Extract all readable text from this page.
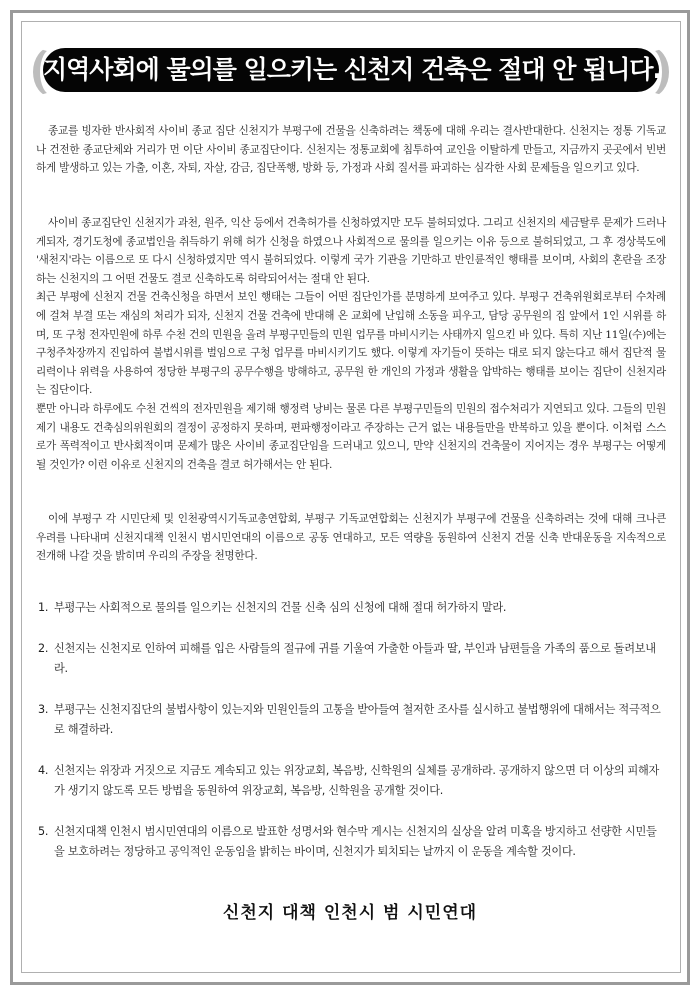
지역사회에 물의를 일으키는 신천지 건축은 절대 안 됩니다.

종교를 빙자한 반사회적 사이비 종교 집단 신천지가 부평구에 건물을 신축하려는 책동에 대해 우리는 결사반대한다. 신천지는 정통 기독교나 건전한 종교단체와 거리가 먼 이단 사이비 종교집단이다. 신천지는 정통교회에 침투하여 교인을 이탈하게 만들고, 지금까지 곳곳에서 빈번하게 발생하고 있는 가출, 이혼, 자퇴, 자살, 감금, 집단폭행, 방화 등, 가정과 사회 질서를 파괴하는 심각한 사회 문제들을 일으키고 있다.

사이비 종교집단인 신천지가 과천, 원주, 익산 등에서 건축허가를 신청하였지만 모두 불허되었다. 그리고 신천지의 세금탈루 문제가 드러나게되자, 경기도청에 종교법인을 취득하기 위해 허가 신청을 하였으나 사회적으로 물의를 일으키는 이유 등으로 불허되었고, 그 후 경상북도에 '새천지'라는 이름으로 또 다시 신청하였지만 역시 불허되었다. 이렇게 국가 기관을 기만하고 반인륜적인 행태를 보이며, 사회의 혼란을 조장 하는 신천지의 그 어떤 건물도 결코 신축하도록 허락되어서는 절대 안 된다.

최근 부평에 신천지 건물 건축신청을 하면서 보인 행태는 그들이 어떤 집단인가를 분명하게 보여주고 있다. 부평구 건축위원회로부터 수차례에 걸쳐 부결 또는 재심의 처리가 되자, 신천지 건물 건축에 반대해 온 교회에 난입해 소동을 피우고, 담당 공무원의 집 앞에서 1인 시위를 하며, 또 구청 전자민원에 하루 수천 건의 민원을 올려 부평구민들의 민원 업무를 마비시키는 사태까지 일으킨 바 있다. 특히 지난 11일(수)에는 구청주차장까지 진입하여 불법시위를 벌임으로 구청 업무를 마비시키기도 했다. 이렇게 자기들이 뜻하는 대로 되지 않는다고 해서 집단적 물리력이나 위력을 사용하여 정당한 부평구의 공무수행을 방해하고, 공무원 한 개인의 가정과 생활을 압박하는 행태를 보이는 집단이 신천지라는 집단이다.

뿐만 아니라 하루에도 수천 건씩의 전자민원을 제기해 행정력 낭비는 물론 다른 부평구민들의 민원의 접수처리가 지연되고 있다. 그들의 민원 제기 내용도 건축심의위원회의 결정이 공정하지 못하며, 편파행정이라고 주장하는 근거 없는 내용들만을 반복하고 있을 뿐이다. 이처럼 스스로가 폭력적이고 반사회적이며 문제가 많은 사이비 종교집단임을 드러내고 있으니, 만약 신천지의 건축물이 지어지는 경우 부평구는 어떻게 될 것인가? 이런 이유로 신천지의 건축을 결코 허가해서는 안 된다.

이에 부평구 각 시민단체 및 인천광역시기독교총연합회, 부평구 기독교연합회는 신천지가 부평구에 건물을 신축하려는 것에 대해 크나큰 우려를 나타내며 신천지대책 인천시 범시민연대의 이름으로 공동 연대하고, 모든 역량을 동원하여 신천지 건물 신축 반대운동을 지속적으로 전개해 나갈 것을 밝히며 우리의 주장을 천명한다.

1. 부평구는 사회적으로 물의를 일으키는 신천지의 건물 신축 심의 신청에 대해 절대 허가하지 말라.
2. 신천지는 신천지로 인하여 피해를 입은 사람들의 절규에 귀를 기울여 가출한 아들과 딸, 부인과 남편들을 가족의 품으로 돌려보내라.
3. 부평구는 신천지집단의 불법사항이 있는지와 민원인들의 고통을 받아들여 철저한 조사를 실시하고 불법행위에 대해서는 적극적으로 해결하라.
4. 신천지는 위장과 거짓으로 지금도 계속되고 있는 위장교회, 복음방, 신학원의 실체를 공개하라. 공개하지 않으면 더 이상의 피해자가 생기지 않도록 모든 방법을 동원하여 위장교회, 복음방, 신학원을 공개할 것이다.
5. 신천지대책 인천시 범시민연대의 이름으로 발표한 성명서와 현수막 게시는 신천지의 실상을 알려 미혹을 방지하고 선량한 시민들을 보호하려는 정당하고 공익적인 운동임을 밝히는 바이며, 신천지가 퇴치되는 날까지 이 운동을 계속할 것이다.
신천지 대책 인천시 범 시민연대
